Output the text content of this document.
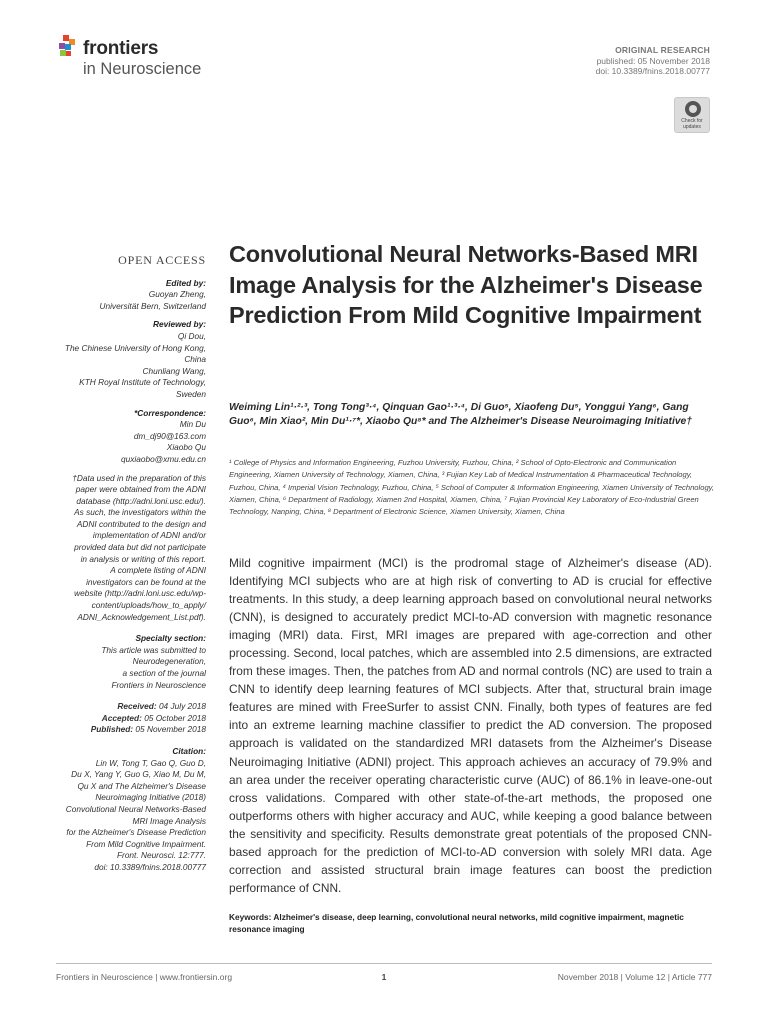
frontiers
in Neuroscience
ORIGINAL RESEARCH
published: 05 November 2018
doi: 10.3389/fnins.2018.00777
Check for
updates
OPEN ACCESS
Edited by:
Guoyan Zheng,
Universität Bern, Switzerland
Reviewed by:
Qi Dou,
The Chinese University of Hong Kong,
China
Chunliang Wang,
KTH Royal Institute of Technology,
Sweden
*Correspondence:
Min Du
dm_dj90@163.com
Xiaobo Qu
quxiaobo@xmu.edu.cn
†Data used in the preparation of this
paper were obtained from the ADNI
database (http://adni.loni.usc.edu/).
As such, the investigators within the
ADNI contributed to the design and
implementation of ADNI and/or
provided data but did not participate
in analysis or writing of this report.
A complete listing of ADNI
investigators can be found at the
website (http://adni.loni.usc.edu/wp-
content/uploads/how_to_apply/
ADNI_Acknowledgement_List.pdf).
Specialty section:
This article was submitted to
Neurodegeneration,
a section of the journal
Frontiers in Neuroscience
Received: 04 July 2018
Accepted: 05 October 2018
Published: 05 November 2018
Citation:
Lin W, Tong T, Gao Q, Guo D,
Du X, Yang Y, Guo G, Xiao M, Du M,
Qu X and The Alzheimer's Disease
Neuroimaging Initiative (2018)
Convolutional Neural Networks-Based
MRI Image Analysis
for the Alzheimer's Disease Prediction
From Mild Cognitive Impairment.
Front. Neurosci. 12:777.
doi: 10.3389/fnins.2018.00777
Convolutional Neural Networks-Based MRI Image Analysis for the Alzheimer's Disease Prediction From Mild Cognitive Impairment
Weiming Lin¹·²·³, Tong Tong³·⁴, Qinquan Gao¹·³·⁴, Di Guo⁵, Xiaofeng Du⁵, Yonggui Yang⁶, Gang Guo⁶, Min Xiao², Min Du¹·⁷*, Xiaobo Qu⁸* and The Alzheimer's Disease Neuroimaging Initiative†
¹ College of Physics and Information Engineering, Fuzhou University, Fuzhou, China, ² School of Opto-Electronic and Communication Engineering, Xiamen University of Technology, Xiamen, China, ³ Fujian Key Lab of Medical Instrumentation & Pharmaceutical Technology, Fuzhou, China, ⁴ Imperial Vision Technology, Fuzhou, China, ⁵ School of Computer & Information Engineering, Xiamen University of Technology, Xiamen, China, ⁶ Department of Radiology, Xiamen 2nd Hospital, Xiamen, China, ⁷ Fujian Provincial Key Laboratory of Eco-Industrial Green Technology, Nanping, China, ⁸ Department of Electronic Science, Xiamen University, Xiamen, China

Mild cognitive impairment (MCI) is the prodromal stage of Alzheimer's disease (AD). Identifying MCI subjects who are at high risk of converting to AD is crucial for effective treatments. In this study, a deep learning approach based on convolutional neural networks (CNN), is designed to accurately predict MCI-to-AD conversion with magnetic resonance imaging (MRI) data. First, MRI images are prepared with age-correction and other processing. Second, local patches, which are assembled into 2.5 dimensions, are extracted from these images. Then, the patches from AD and normal controls (NC) are used to train a CNN to identify deep learning features of MCI subjects. After that, structural brain image features are mined with FreeSurfer to assist CNN. Finally, both types of features are fed into an extreme learning machine classifier to predict the AD conversion. The proposed approach is validated on the standardized MRI datasets from the Alzheimer's Disease Neuroimaging Initiative (ADNI) project. This approach achieves an accuracy of 79.9% and an area under the receiver operating characteristic curve (AUC) of 86.1% in leave-one-out cross validations. Compared with other state-of-the-art methods, the proposed one outperforms others with higher accuracy and AUC, while keeping a good balance between the sensitivity and specificity. Results demonstrate great potentials of the proposed CNN-based approach for the prediction of MCI-to-AD conversion with solely MRI data. Age correction and assisted structural brain image features can boost the prediction performance of CNN.

Keywords: Alzheimer's disease, deep learning, convolutional neural networks, mild cognitive impairment, magnetic resonance imaging
Frontiers in Neuroscience | www.frontiersin.org	1	November 2018 | Volume 12 | Article 777
